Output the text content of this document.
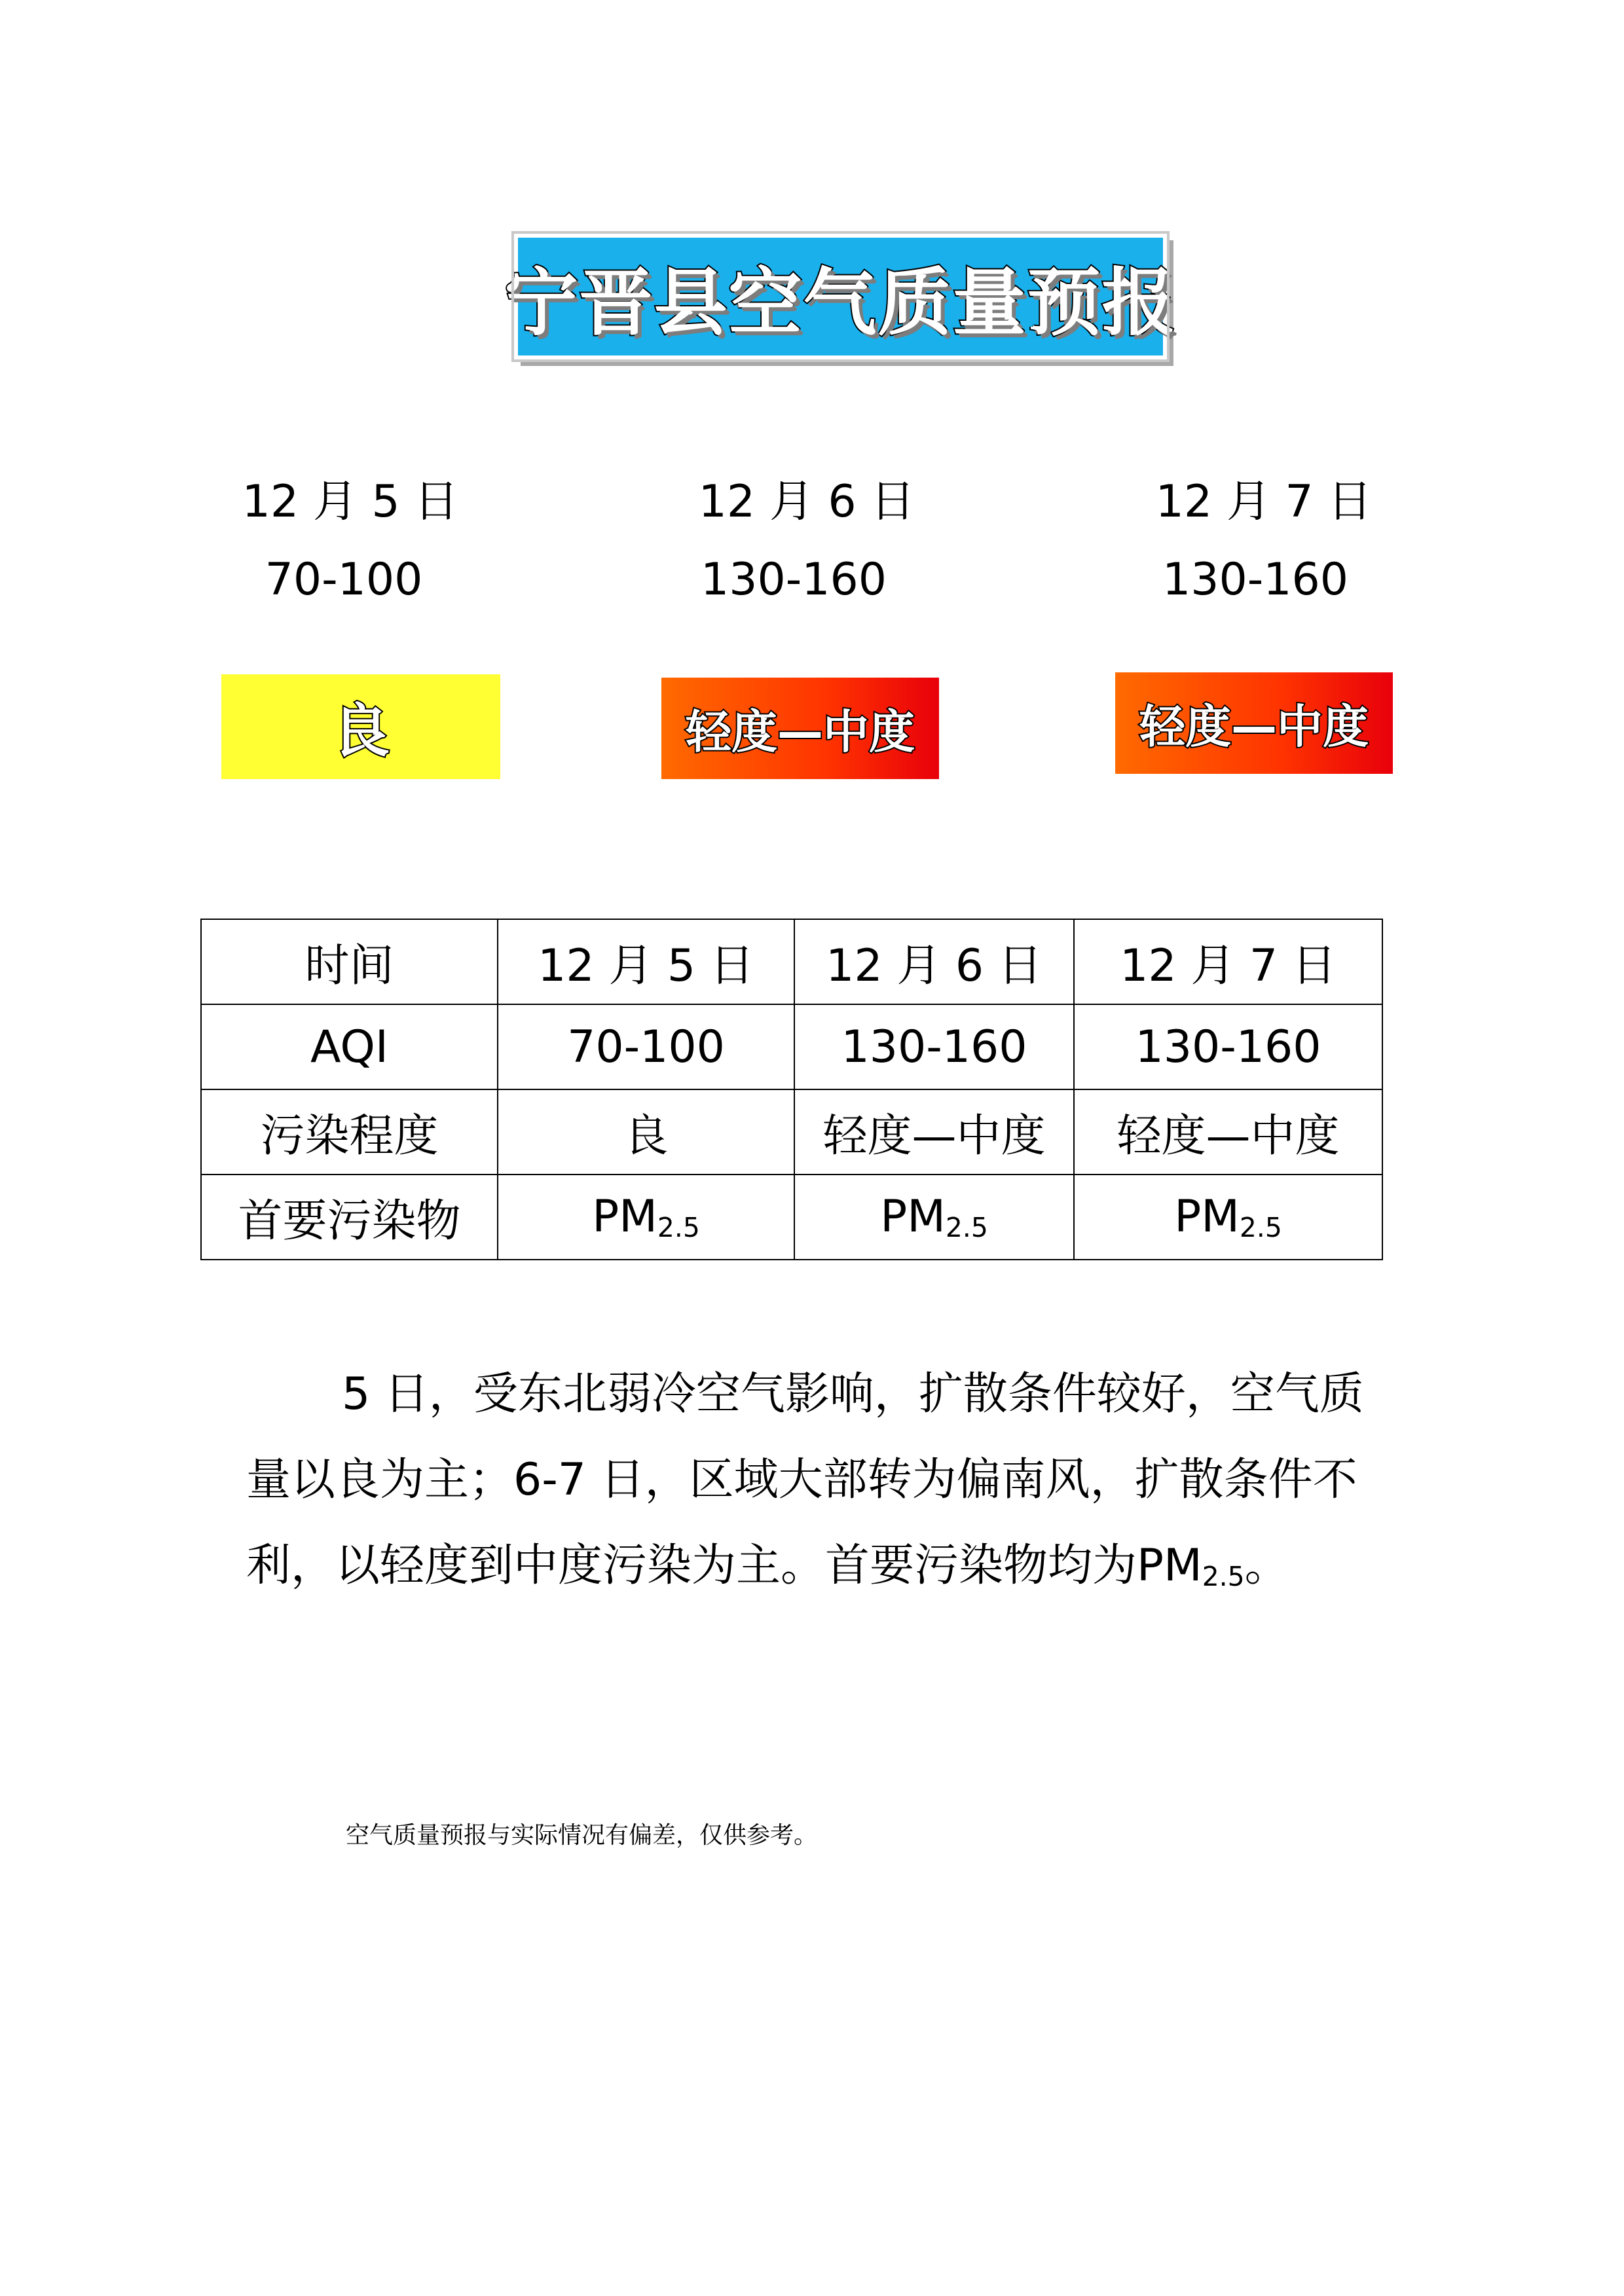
宁晋县空气质量预报
12 月 5 日	12 月 6 日	12 月 7 日
70-100	130-160	130-160
良	轻度—中度	轻度—中度
时间	12 月 5 日	12 月 6 日	12 月 7 日
AQI	70-100	130-160	130-160
污染程度	良	轻度—中度	轻度—中度
首要污染物	$PM_{2.5}$	$PM_{2.5}$	$PM_{2.5}$

5 日，受东北弱冷空气影响，扩散条件较好，空气质量以良为主；6-7 日，区域大部转为偏南风，扩散条件不利，以轻度到中度污染为主。首要污染物均为$PM_{2.5}$。

空气质量预报与实际情况有偏差，仅供参考。
